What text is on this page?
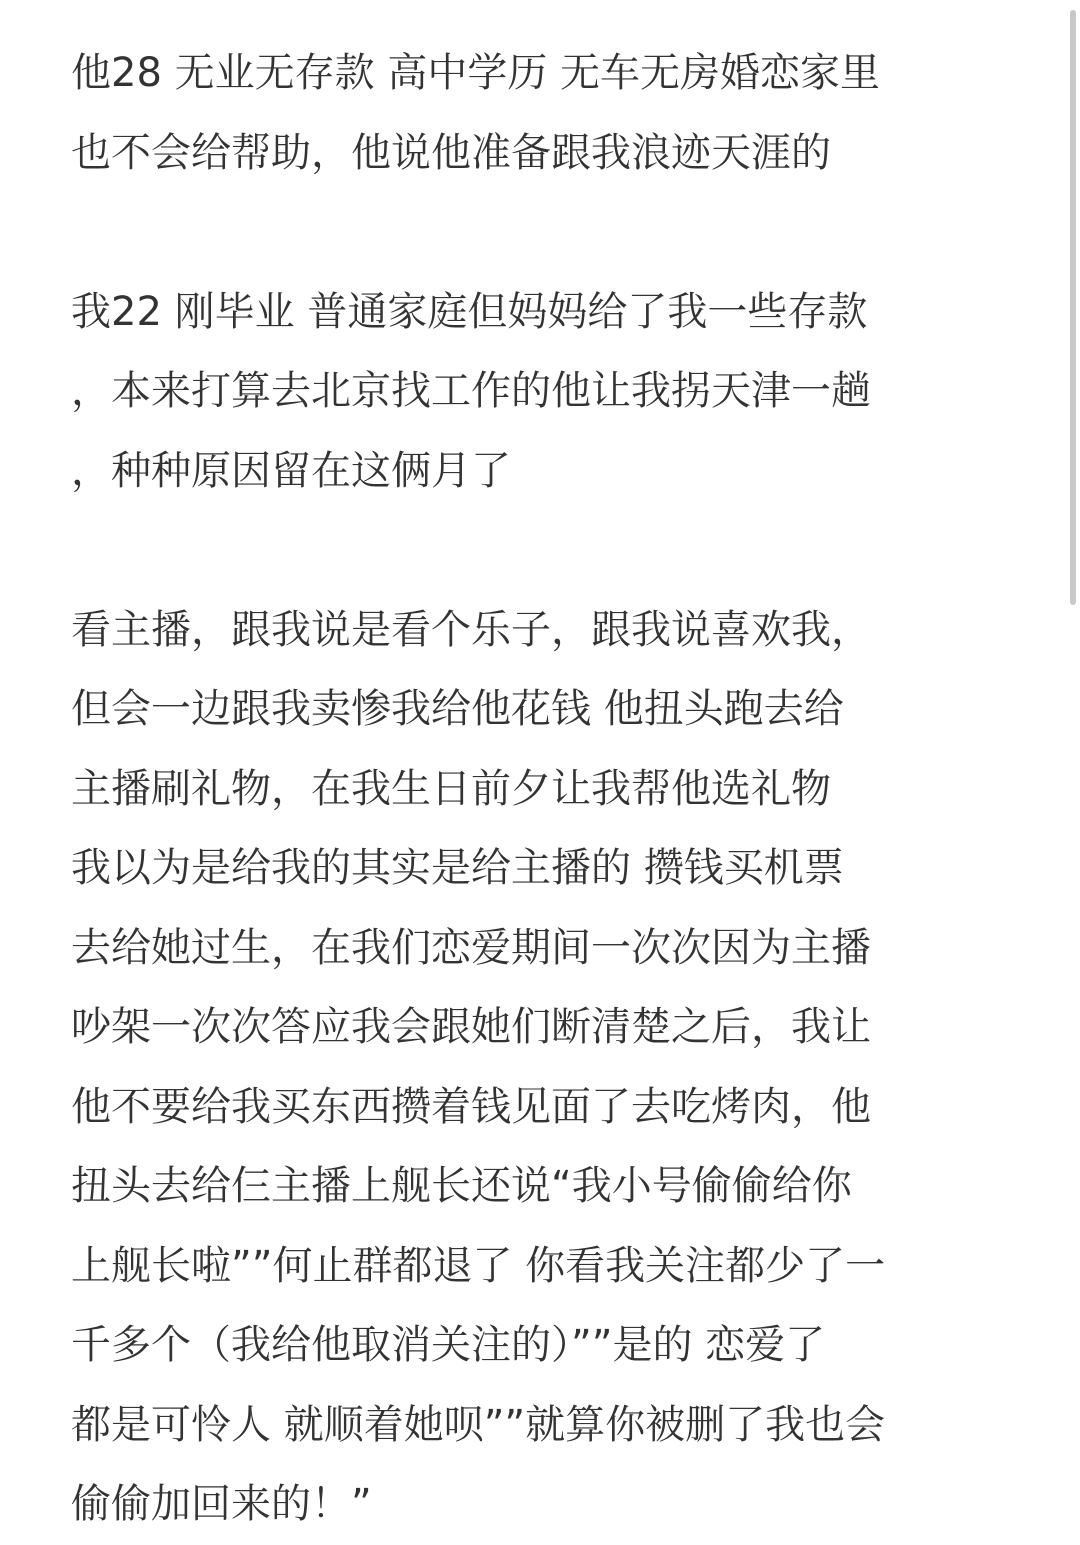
他28 无业无存款 高中学历 无车无房婚恋家里
也不会给帮助，他说他准备跟我浪迹天涯的
我22 刚毕业 普通家庭但妈妈给了我一些存款
，本来打算去北京找工作的他让我拐天津一趟
，种种原因留在这俩月了
看主播，跟我说是看个乐子，跟我说喜欢我，
但会一边跟我卖惨我给他花钱 他扭头跑去给
主播刷礼物，在我生日前夕让我帮他选礼物
我以为是给我的其实是给主播的 攒钱买机票
去给她过生，在我们恋爱期间一次次因为主播
吵架一次次答应我会跟她们断清楚之后，我让
他不要给我买东西攒着钱见面了去吃烤肉，他
扭头去给仨主播上舰长还说“我小号偷偷给你
上舰长啦””何止群都退了 你看我关注都少了一
千多个（我给他取消关注的）””是的 恋爱了
都是可怜人 就顺着她呗””就算你被删了我也会
偷偷加回来的！”
